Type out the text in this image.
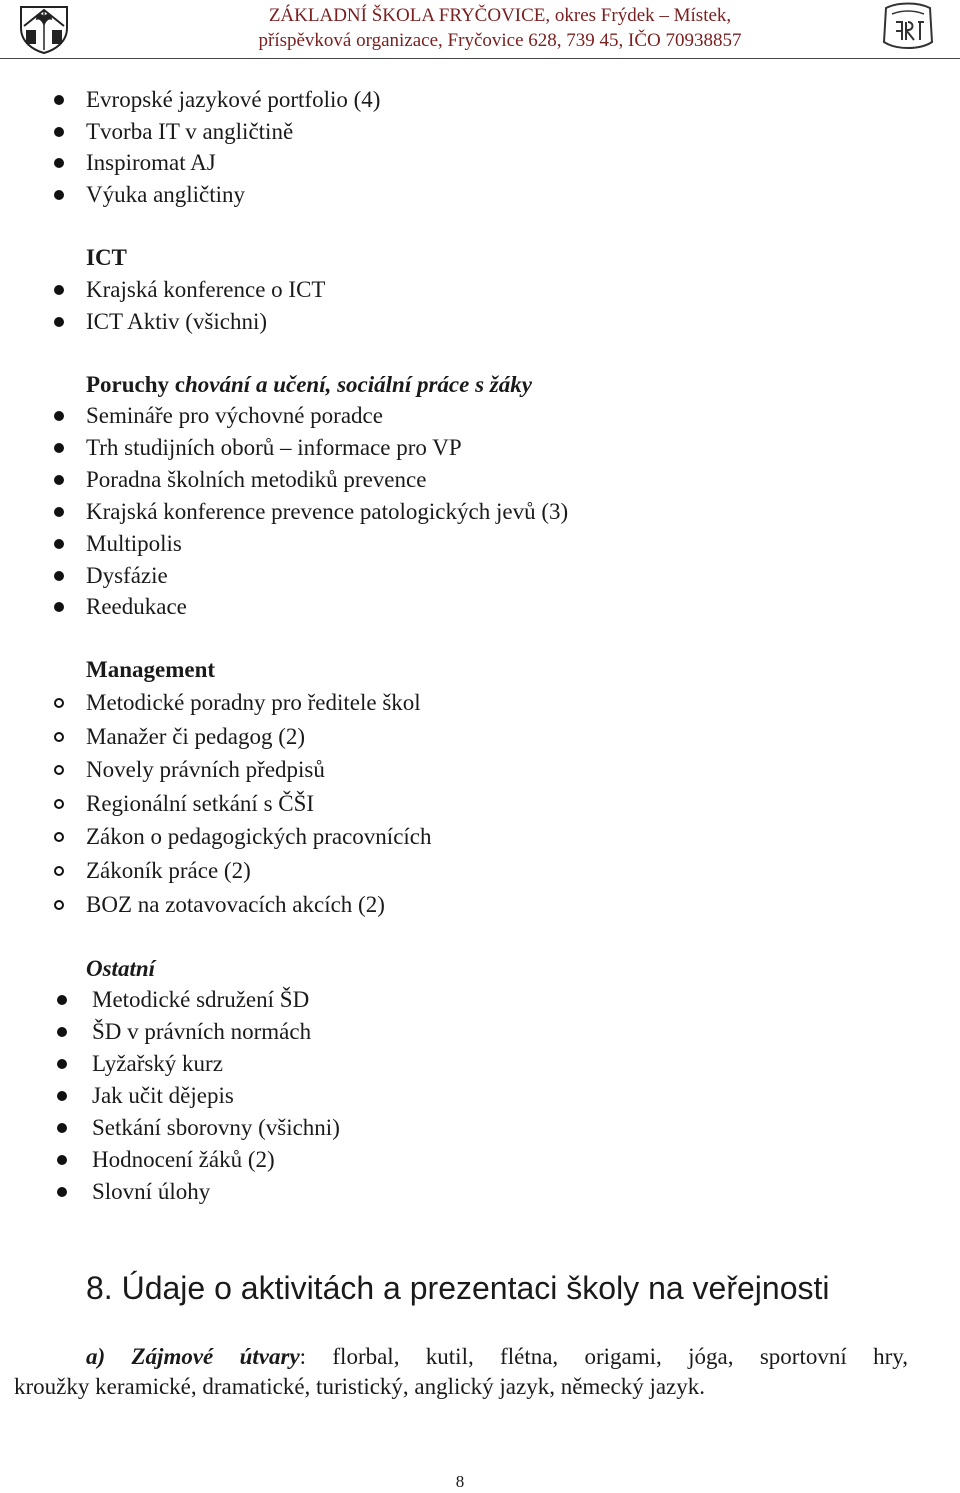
ZÁKLADNÍ ŠKOLA FRYČOVICE, okres Frýdek – Místek,
příspěvková organizace, Fryčovice 628, 739 45, IČO 70938857
Evropské jazykové portfolio (4)
Tvorba IT v angličtině
Inspiromat AJ
Výuka angličtiny
ICT
Krajská konference o ICT
ICT Aktiv (všichni)
Poruchy chování a učení, sociální práce s žáky
Semináře pro výchovné poradce
Trh studijních oborů – informace pro VP
Poradna školních metodiků prevence
Krajská konference prevence patologických jevů (3)
Multipolis
Dysfázie
Reedukace
Management
Metodické poradny pro ředitele škol
Manažer či pedagog (2)
Novely právních předpisů
Regionální setkání s ČŠI
Zákon o pedagogických pracovnících
Zákoník práce (2)
BOZ na zotavovacích akcích (2)
Ostatní
Metodické sdružení ŠD
ŠD v právních normách
Lyžařský kurz
Jak učit dějepis
Setkání sborovny (všichni)
Hodnocení žáků (2)
Slovní úlohy
8. Údaje o aktivitách a prezentaci školy na veřejnosti
a) Zájmové útvary: florbal, kutil, flétna, origami, jóga, sportovní hry,
kroužky keramické, dramatické, turistický, anglický jazyk, německý jazyk.
8
